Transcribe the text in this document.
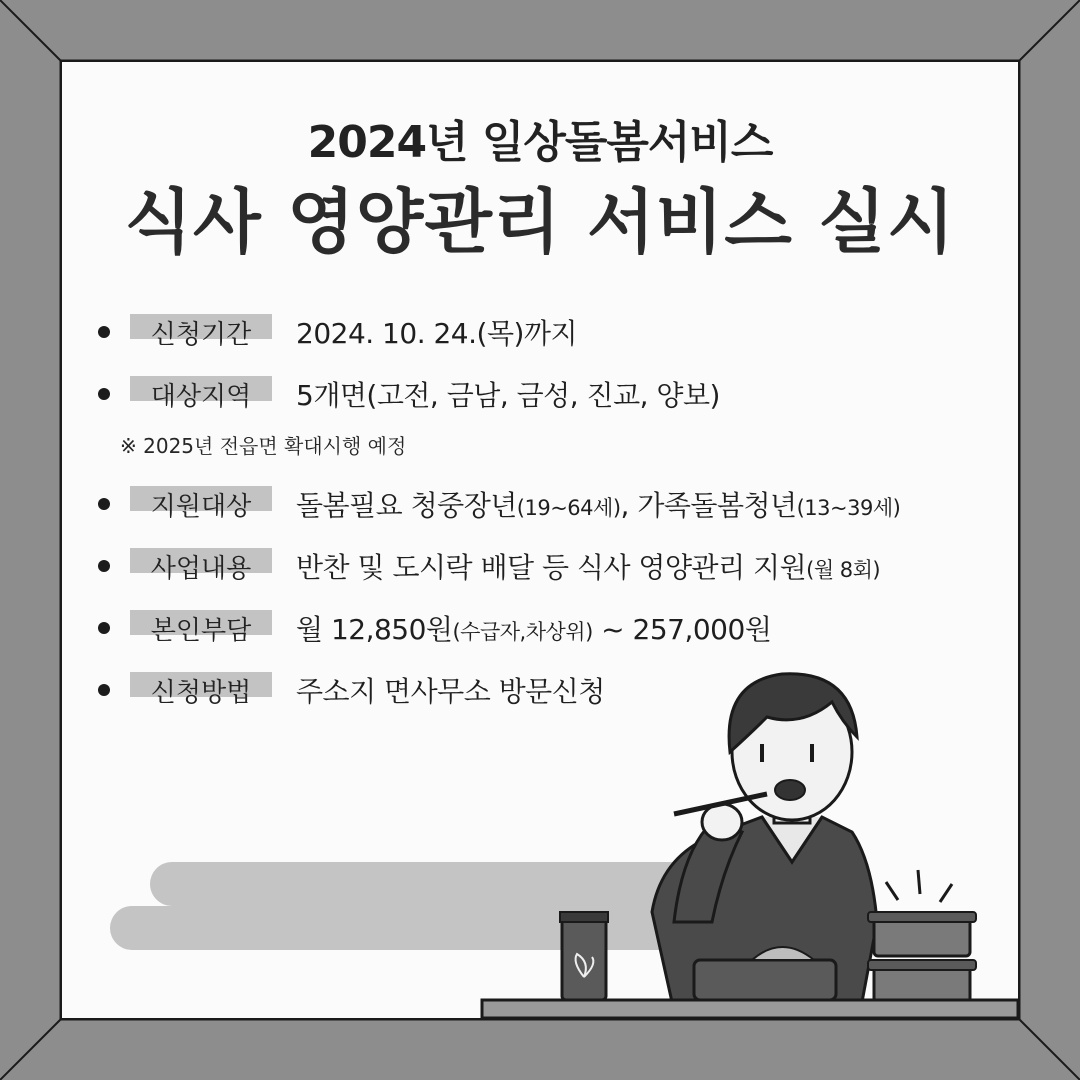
2024년 일상돌봄서비스
식사 영양관리 서비스 실시
신청기간	2024. 10. 24.(목)까지
대상지역	5개면(고전, 금남, 금성, 진교, 양보)
※ 2025년 전읍면 확대시행 예정
지원대상	돌봄필요 청중장년(19~64세), 가족돌봄청년(13~39세)
사업내용	반찬 및 도시락 배달 등 식사 영양관리 지원(월 8회)
본인부담	월 12,850원(수급자,차상위) ~ 257,000원
신청방법	주소지 면사무소 방문신청
